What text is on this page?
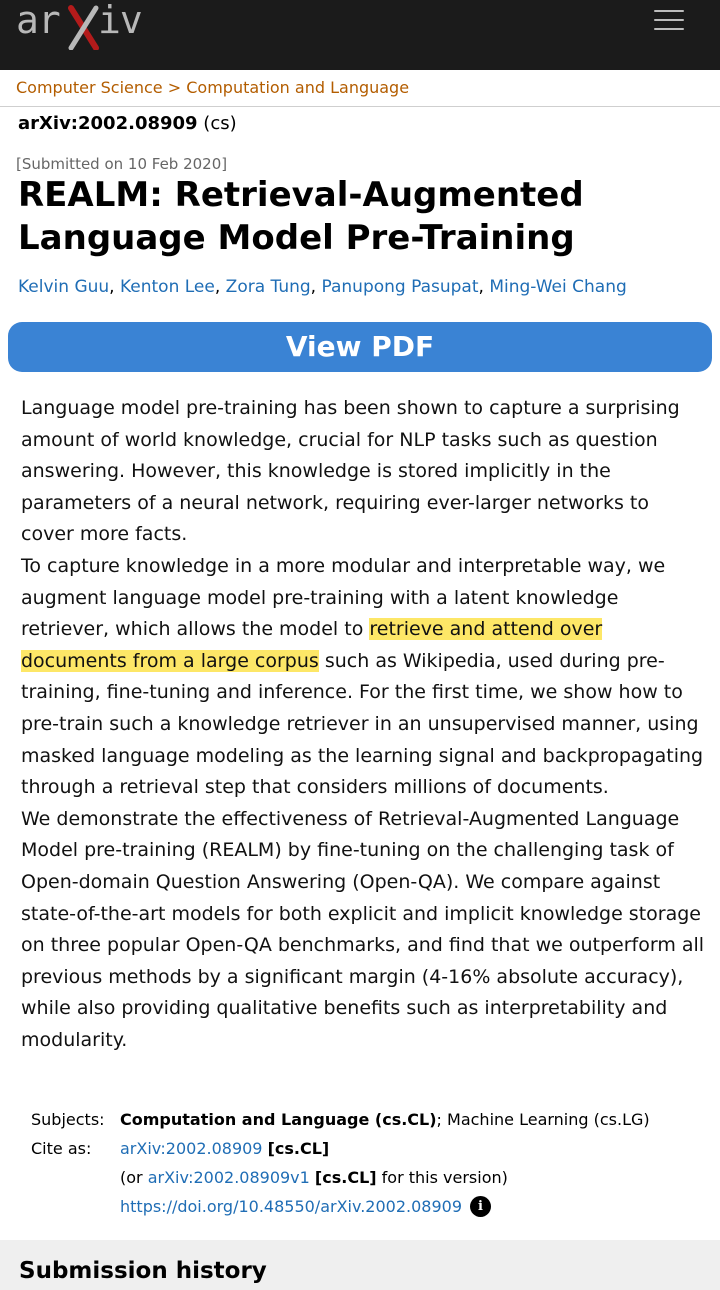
ar iv
Computer Science > Computation and Language
arXiv:2002.08909 (cs)
[Submitted on 10 Feb 2020]
REALM: Retrieval-Augmented Language Model Pre-Training
Kelvin Guu, Kenton Lee, Zora Tung, Panupong Pasupat, Ming-Wei Chang
View PDF

Language model pre-training has been shown to capture a surprising amount of world knowledge, crucial for NLP tasks such as question answering. However, this knowledge is stored implicitly in the parameters of a neural network, requiring ever-larger networks to cover more facts.

To capture knowledge in a more modular and interpretable way, we augment language model pre-training with a latent knowledge retriever, which allows the model to retrieve and attend over documents from a large corpus such as Wikipedia, used during pre-training, fine-tuning and inference. For the first time, we show how to pre-train such a knowledge retriever in an unsupervised manner, using masked language modeling as the learning signal and backpropagating through a retrieval step that considers millions of documents.

We demonstrate the effectiveness of Retrieval-Augmented Language Model pre-training (REALM) by fine-tuning on the challenging task of Open-domain Question Answering (Open-QA). We compare against state-of-the-art models for both explicit and implicit knowledge storage on three popular Open-QA benchmarks, and find that we outperform all previous methods by a significant margin (4-16% absolute accuracy), while also providing qualitative benefits such as interpretability and modularity.

Subjects: Computation and Language (cs.CL); Machine Learning (cs.LG)
Cite as:	arXiv:2002.08909 [cs.CL]
(or arXiv:2002.08909v1 [cs.CL] for this version)
https://doi.org/10.48550/arXiv.2002.08909 i
Submission history
